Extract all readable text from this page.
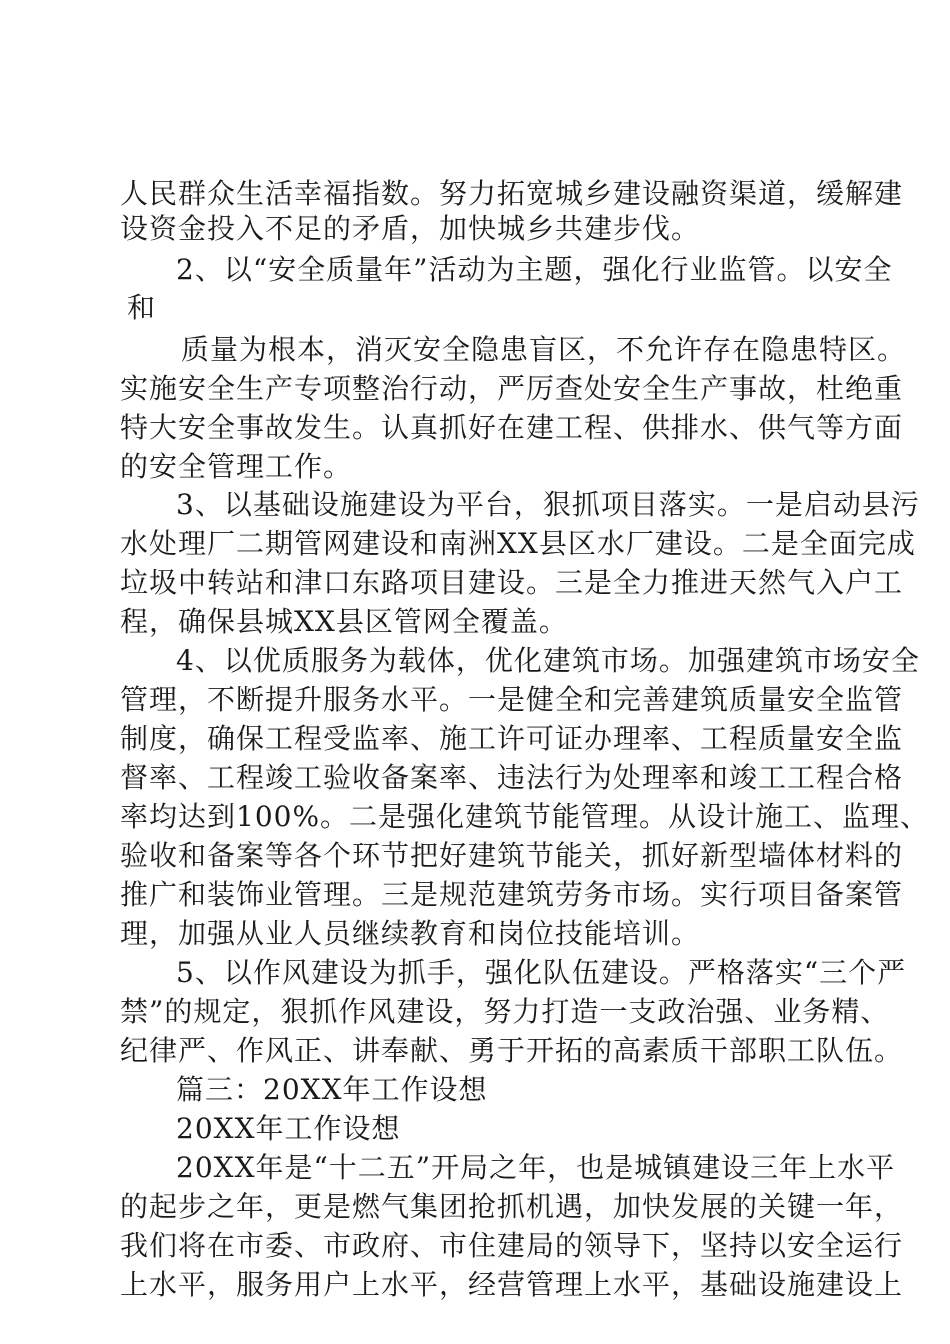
人民群众生活幸福指数。努力拓宽城乡建设融资渠道，缓解建
设资金投入不足的矛盾，加快城乡共建步伐。
2、以“安全质量年”活动为主题，强化行业监管。以安全
和
质量为根本，消灭安全隐患盲区，不允许存在隐患特区。
实施安全生产专项整治行动，严厉查处安全生产事故，杜绝重
特大安全事故发生。认真抓好在建工程、供排水、供气等方面
的安全管理工作。
3、以基础设施建设为平台，狠抓项目落实。一是启动县污
水处理厂二期管网建设和南洲XX县区水厂建设。二是全面完成
垃圾中转站和津口东路项目建设。三是全力推进天然气入户工
程，确保县城XX县区管网全覆盖。
4、以优质服务为载体，优化建筑市场。加强建筑市场安全
管理，不断提升服务水平。一是健全和完善建筑质量安全监管
制度，确保工程受监率、施工许可证办理率、工程质量安全监
督率、工程竣工验收备案率、违法行为处理率和竣工工程合格
率均达到100%。二是强化建筑节能管理。从设计施工、监理、
验收和备案等各个环节把好建筑节能关，抓好新型墙体材料的
推广和装饰业管理。三是规范建筑劳务市场。实行项目备案管
理，加强从业人员继续教育和岗位技能培训。
5、以作风建设为抓手，强化队伍建设。严格落实“三个严
禁”的规定，狠抓作风建设，努力打造一支政治强、业务精、
纪律严、作风正、讲奉献、勇于开拓的高素质干部职工队伍。
篇三：20XX年工作设想
20XX年工作设想
20XX年是“十二五”开局之年，也是城镇建设三年上水平
的起步之年，更是燃气集团抢抓机遇，加快发展的关键一年，
我们将在市委、市政府、市住建局的领导下，坚持以安全运行
上水平，服务用户上水平，经营管理上水平，基础设施建设上
